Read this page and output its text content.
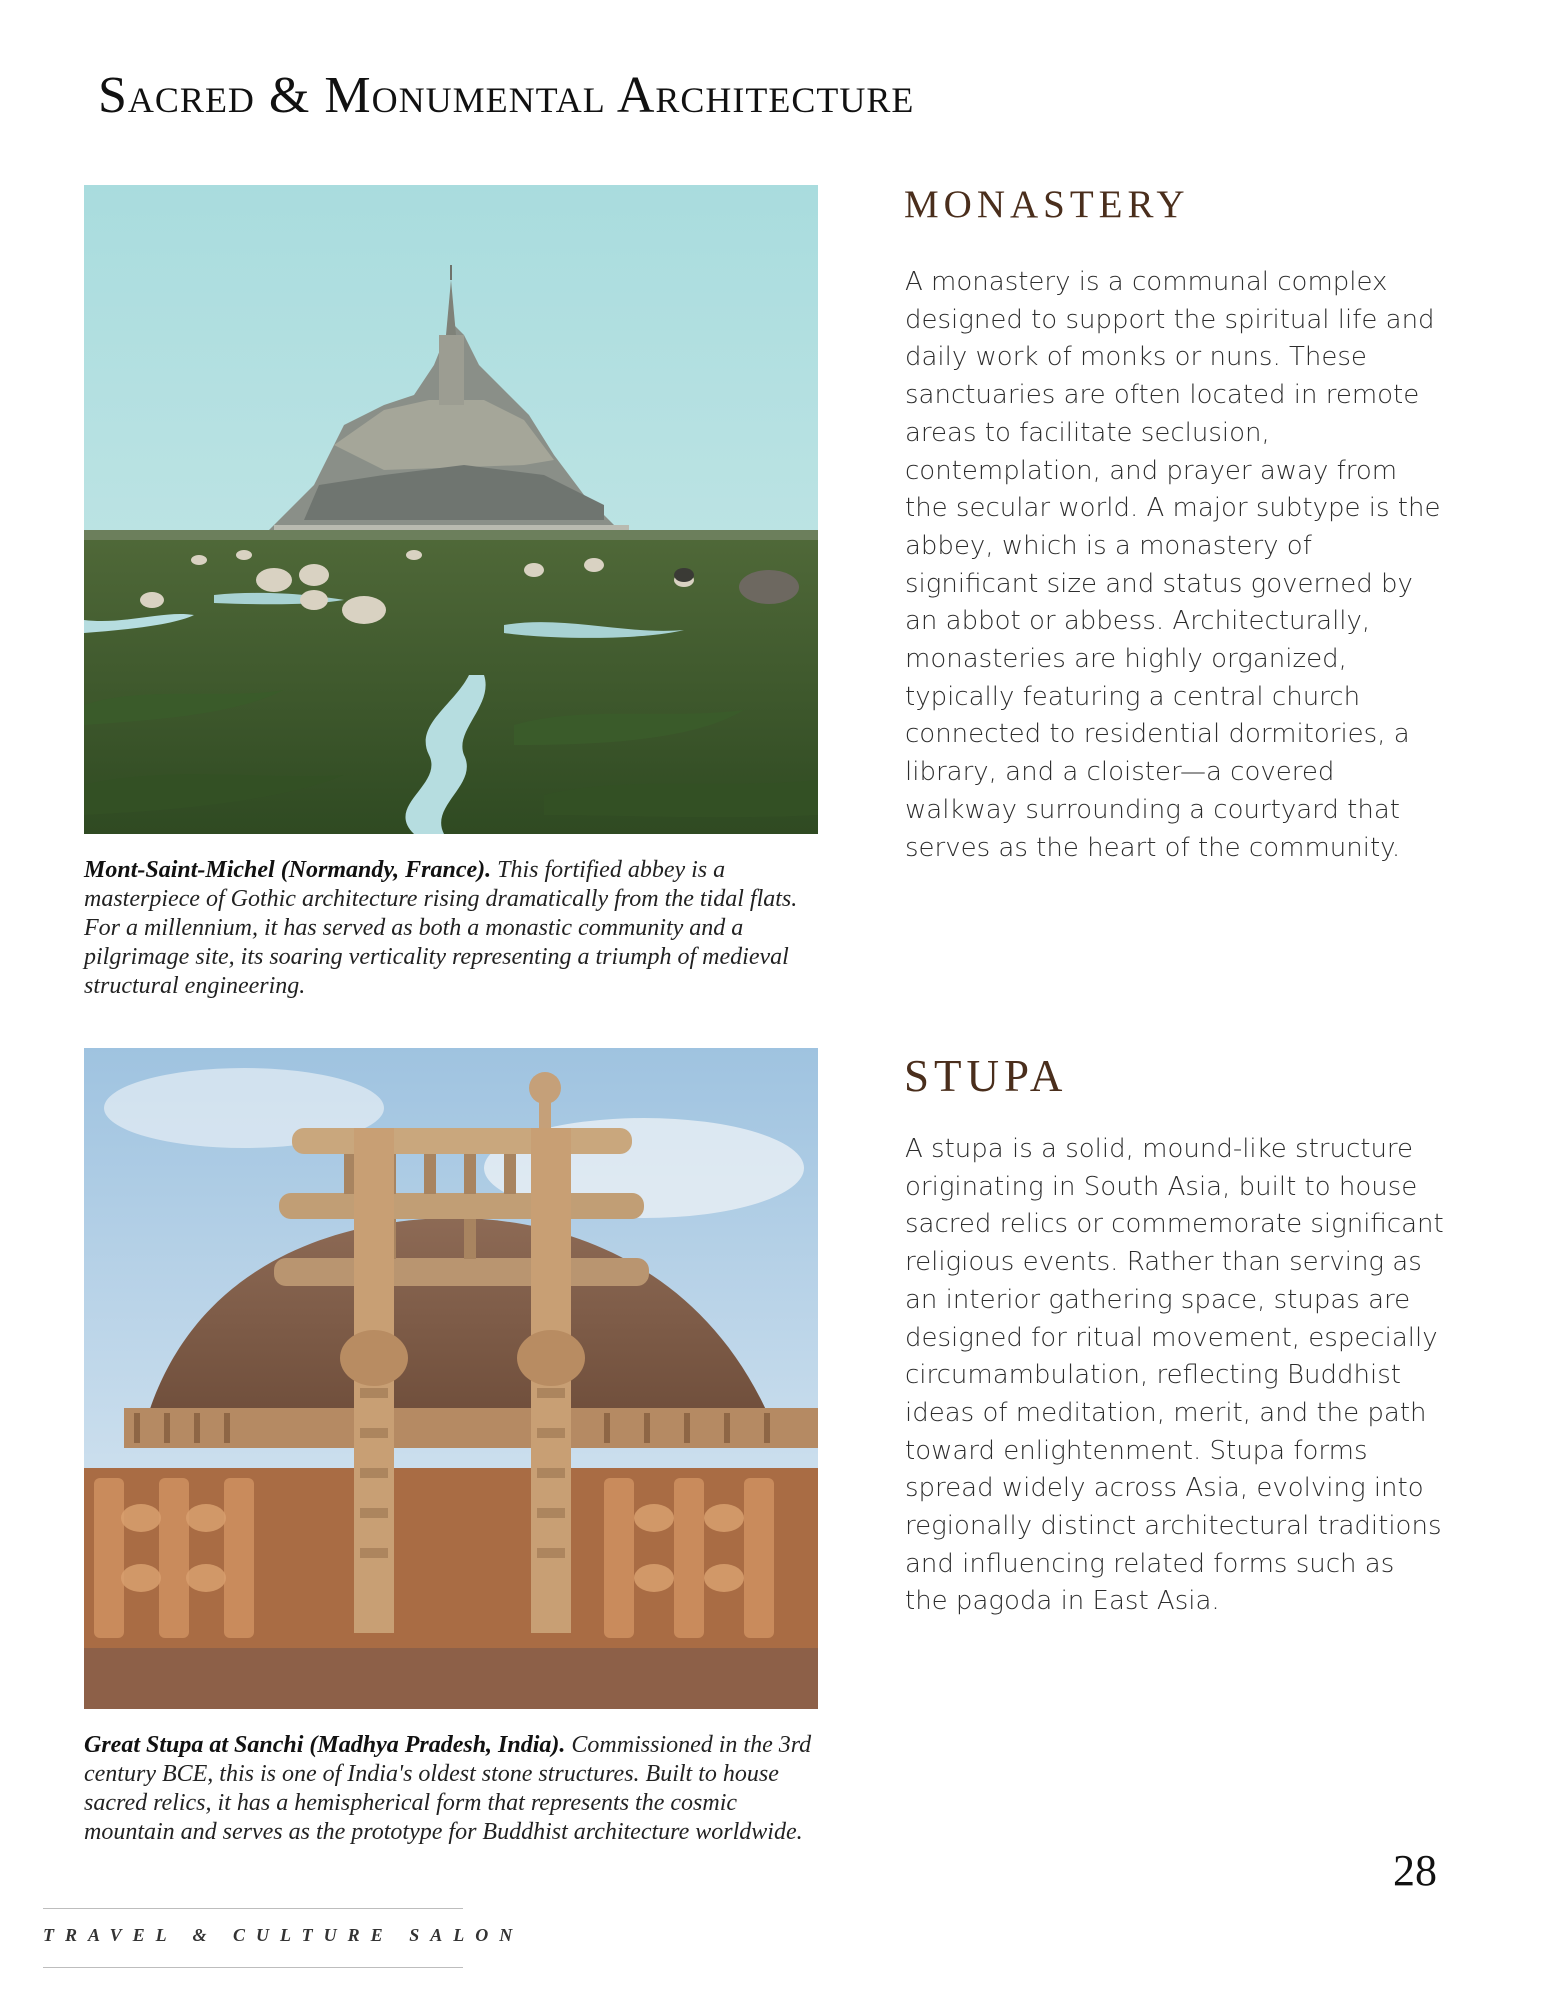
Sacred & Monumental Architecture

Mont-Saint-Michel (Normandy, France). This fortified abbey is a masterpiece of Gothic architecture rising dramatically from the tidal flats. For a millennium, it has served as both a monastic community and a pilgrimage site, its soaring verticality representing a triumph of medieval structural engineering.

MONASTERY

A monastery is a communal complex designed to support the spiritual life and daily work of monks or nuns. These sanctuaries are often located in remote areas to facilitate seclusion, contemplation, and prayer away from the secular world. A major subtype is the abbey, which is a monastery of significant size and status governed by an abbot or abbess. Architecturally, monasteries are highly organized, typically featuring a central church connected to residential dormitories, a library, and a cloister—a covered walkway surrounding a courtyard that serves as the heart of the community.

Great Stupa at Sanchi (Madhya Pradesh, India). Commissioned in the 3rd century BCE, this is one of India's oldest stone structures. Built to house sacred relics, it has a hemispherical form that represents the cosmic mountain and serves as the prototype for Buddhist architecture worldwide.

STUPA

A stupa is a solid, mound-like structure originating in South Asia, built to house sacred relics or commemorate significant religious events. Rather than serving as an interior gathering space, stupas are designed for ritual movement, especially circumambulation, reflecting Buddhist ideas of meditation, merit, and the path toward enlightenment. Stupa forms spread widely across Asia, evolving into regionally distinct architectural traditions and influencing related forms such as the pagoda in East Asia.

28

TRAVEL & CULTURE SALON
